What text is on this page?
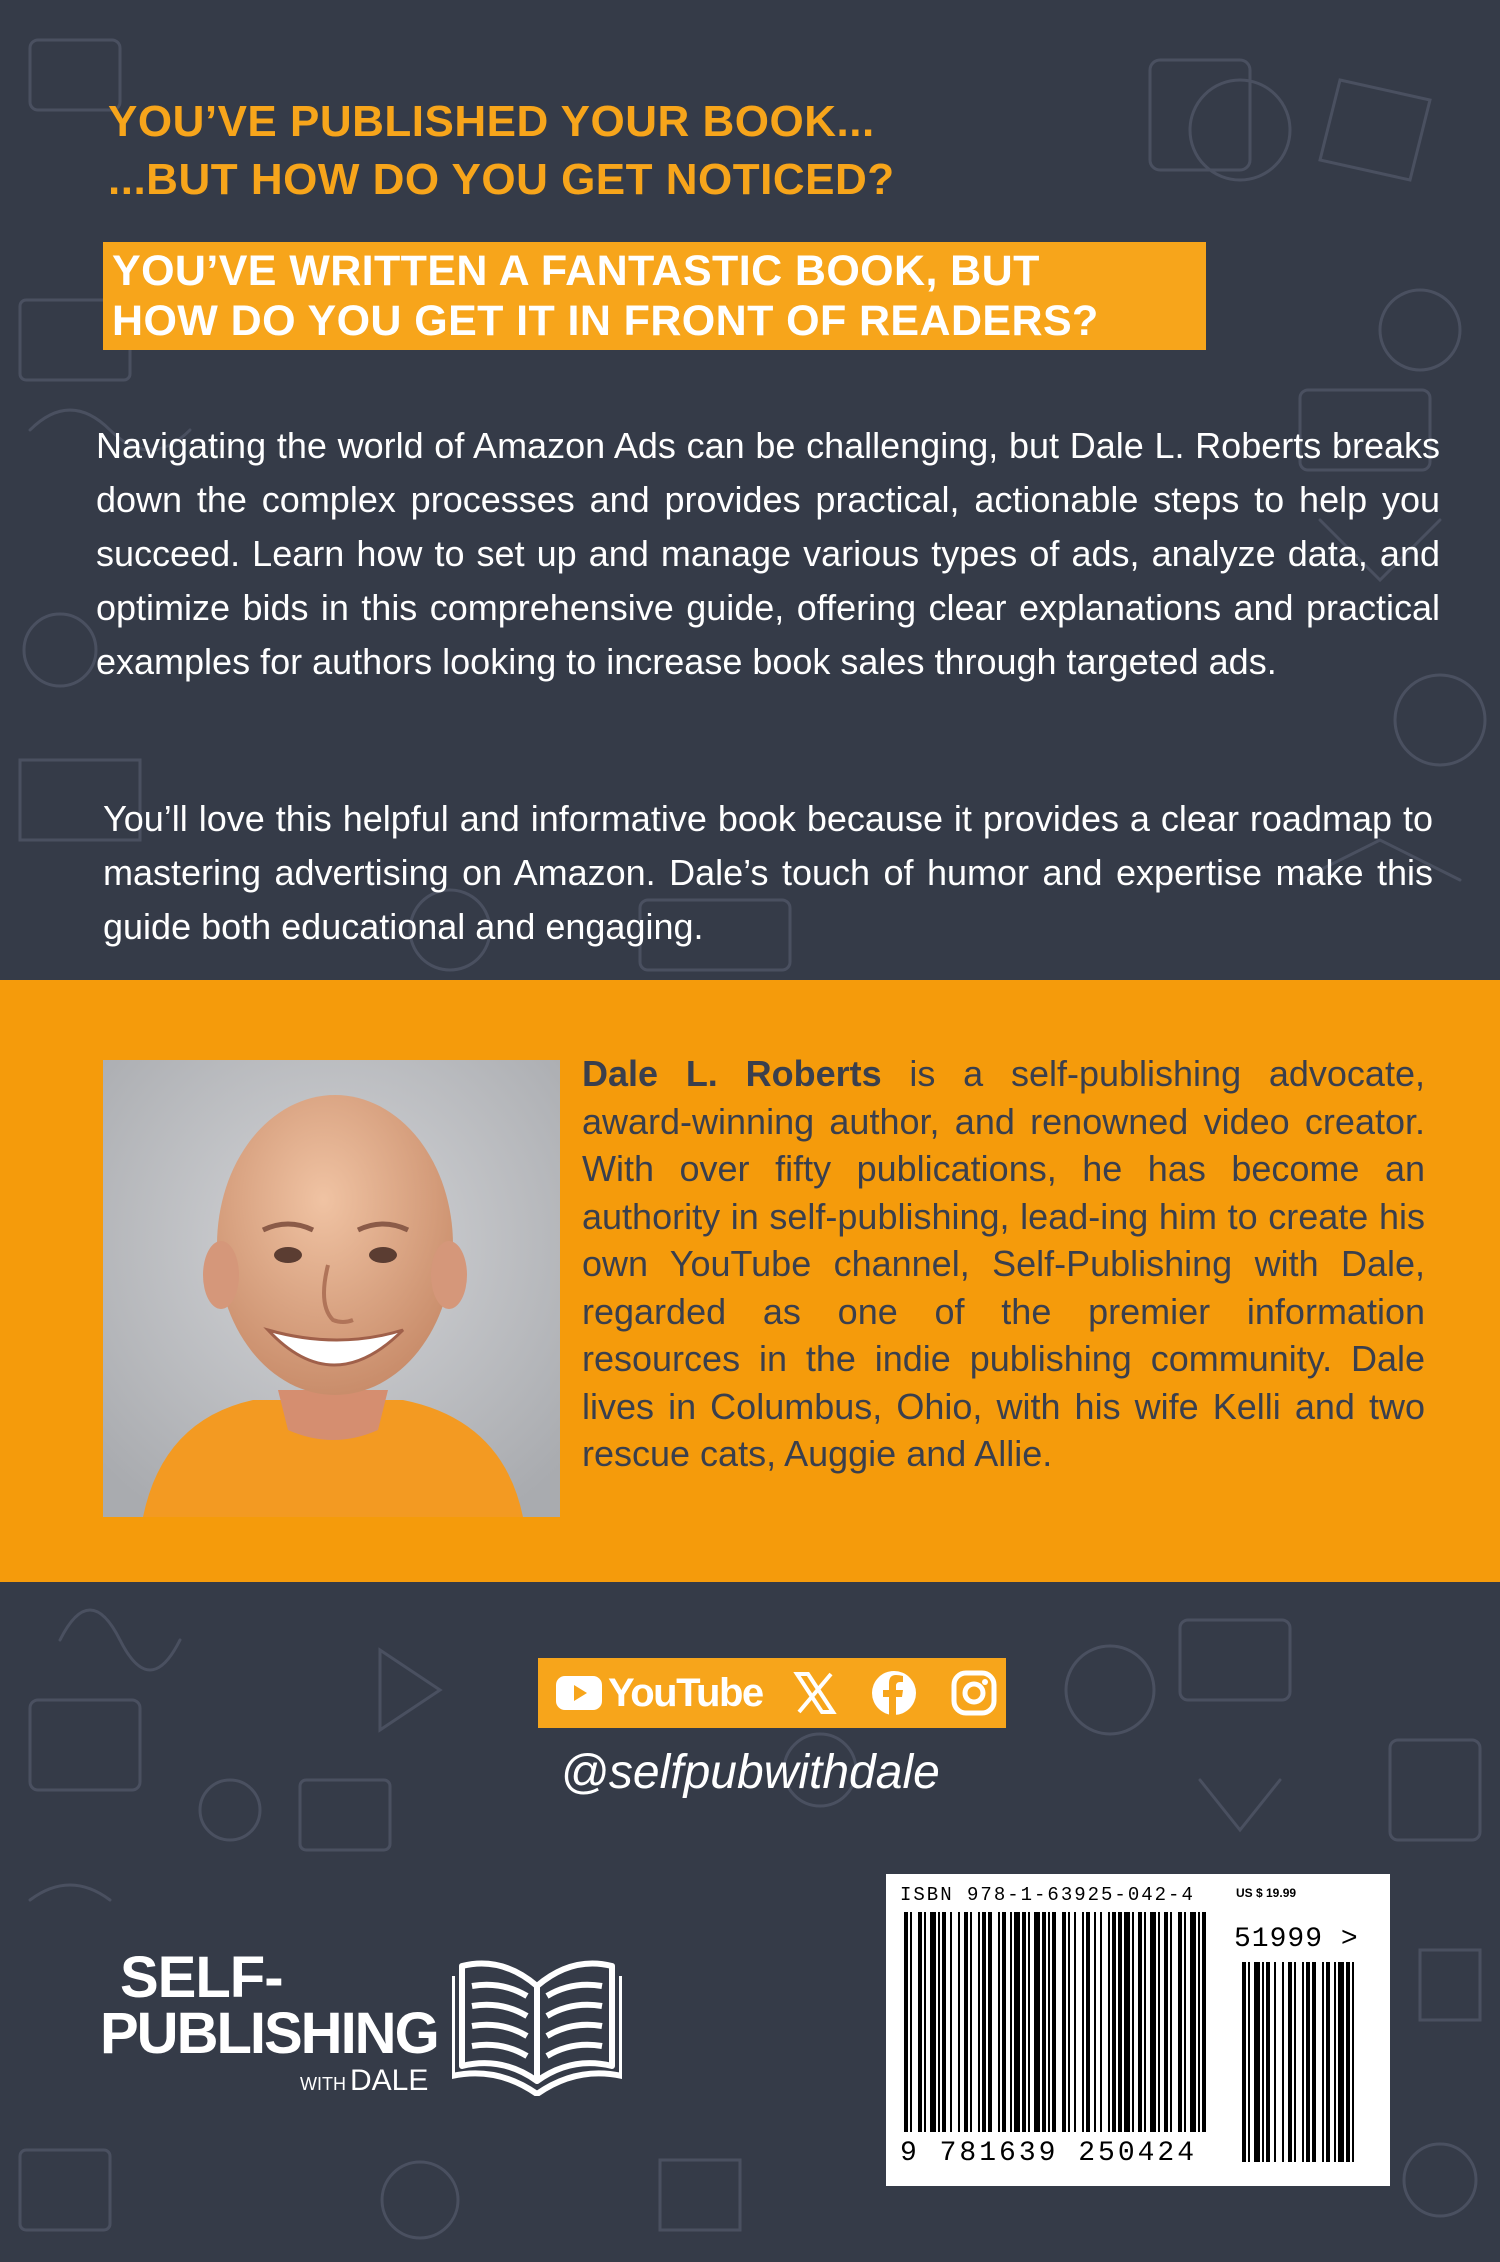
YOU’VE PUBLISHED YOUR BOOK...
...BUT HOW DO YOU GET NOTICED?
YOU’VE WRITTEN A FANTASTIC BOOK, BUT
HOW DO YOU GET IT IN FRONT OF READERS?
Navigating the world of Amazon Ads can be challenging, but Dale L. Roberts breaks down the complex processes and provides practical, actionable steps to help you succeed. Learn how to set up and manage various types of ads, analyze data, and optimize bids in this comprehensive guide, offering clear explanations and practical examples for authors looking to increase book sales through targeted ads.
You’ll love this helpful and informative book because it provides a clear roadmap to mastering advertising on Amazon. Dale’s touch of humor and expertise make this guide both educational and engaging.
Dale L. Roberts is a self-publishing advocate, award-winning author, and renowned video creator. With over fifty publications, he has become an authority in self-publishing, lead-ing him to create his own YouTube channel, Self-Publishing with Dale, regarded as one of the premier information resources in the indie publishing community. Dale lives in Columbus, Ohio, with his wife Kelli and two rescue cats, Auggie and Allie.
YouTube
@selfpubwithdale
SELF-
PUBLISHING
WITH DALE
ISBN 978-1-63925-042-4	US $ 19.99
51999 >
9 781639 250424
